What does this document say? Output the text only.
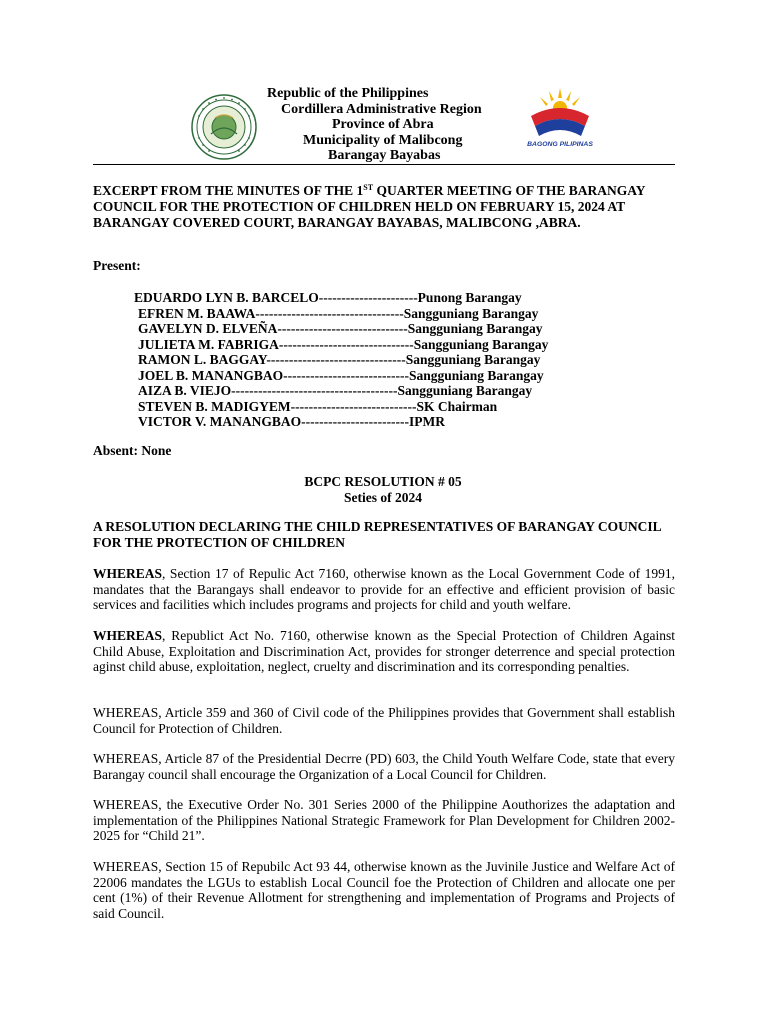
Republic of the Philippines
Cordillera Administrative Region
Province of Abra
Municipality of Malibcong
Barangay Bayabas
BAGONG PILIPINAS
EXCERPT FROM THE MINUTES OF THE 1ST QUARTER MEETING OF THE BARANGAY COUNCIL FOR THE PROTECTION OF CHILDREN HELD ON FEBRUARY 15, 2024 AT BARANGAY COVERED COURT, BARANGAY BAYABAS, MALIBCONG ,ABRA.
Present:
EDUARDO LYN B. BARCELO----------------------Punong Barangay
EFREN M. BAAWA---------------------------------Sangguniang Barangay
GAVELYN D. ELVEÑA-----------------------------Sangguniang Barangay
JULIETA M. FABRIGA------------------------------Sangguniang Barangay
RAMON L. BAGGAY-------------------------------Sangguniang Barangay
JOEL B. MANANGBAO----------------------------Sangguniang Barangay
AIZA B. VIEJO-------------------------------------Sangguniang Barangay
STEVEN B. MADIGYEM----------------------------SK Chairman
VICTOR V. MANANGBAO------------------------IPMR
Absent: None
BCPC RESOLUTION # 05
Seties of 2024
A RESOLUTION DECLARING THE CHILD REPRESENTATIVES OF BARANGAY COUNCIL FOR THE PROTECTION OF CHILDREN
WHEREAS, Section 17 of Repulic Act 7160, otherwise known as the Local Government Code of 1991, mandates that the Barangays shall endeavor to provide for an effective and efficient provision of basic services and facilities which includes programs and projects for child and youth welfare.
WHEREAS, Republict Act No. 7160, otherwise known as the Special Protection of Children Against Child Abuse, Exploitation and Discrimination Act, provides for stronger deterrence and special protection aginst child abuse, exploitation, neglect, cruelty and discrimination and its corresponding penalties.
WHEREAS, Article 359 and 360 of Civil code of the Philippines provides that Government shall establish Council for Protection of Children.
WHEREAS, Article 87 of the Presidential Decrre (PD) 603, the Child Youth Welfare Code, state that every Barangay council shall encourage the Organization of a Local Council for Children.
WHEREAS, the Executive Order No. 301 Series 2000 of the Philippine Aouthorizes the adaptation and implementation of the Philippines National Strategic Framework for Plan Development for Children 2002-2025 for “Child 21”.
WHEREAS, Section 15 of Repubilc Act 93 44, otherwise known as the Juvinile Justice and Welfare Act of 22006 mandates the LGUs to establish Local Council foe the Protection of Children and allocate one per cent (1%) of their Revenue Allotment for strengthening and implementation of Programs and Projects of said Council.
